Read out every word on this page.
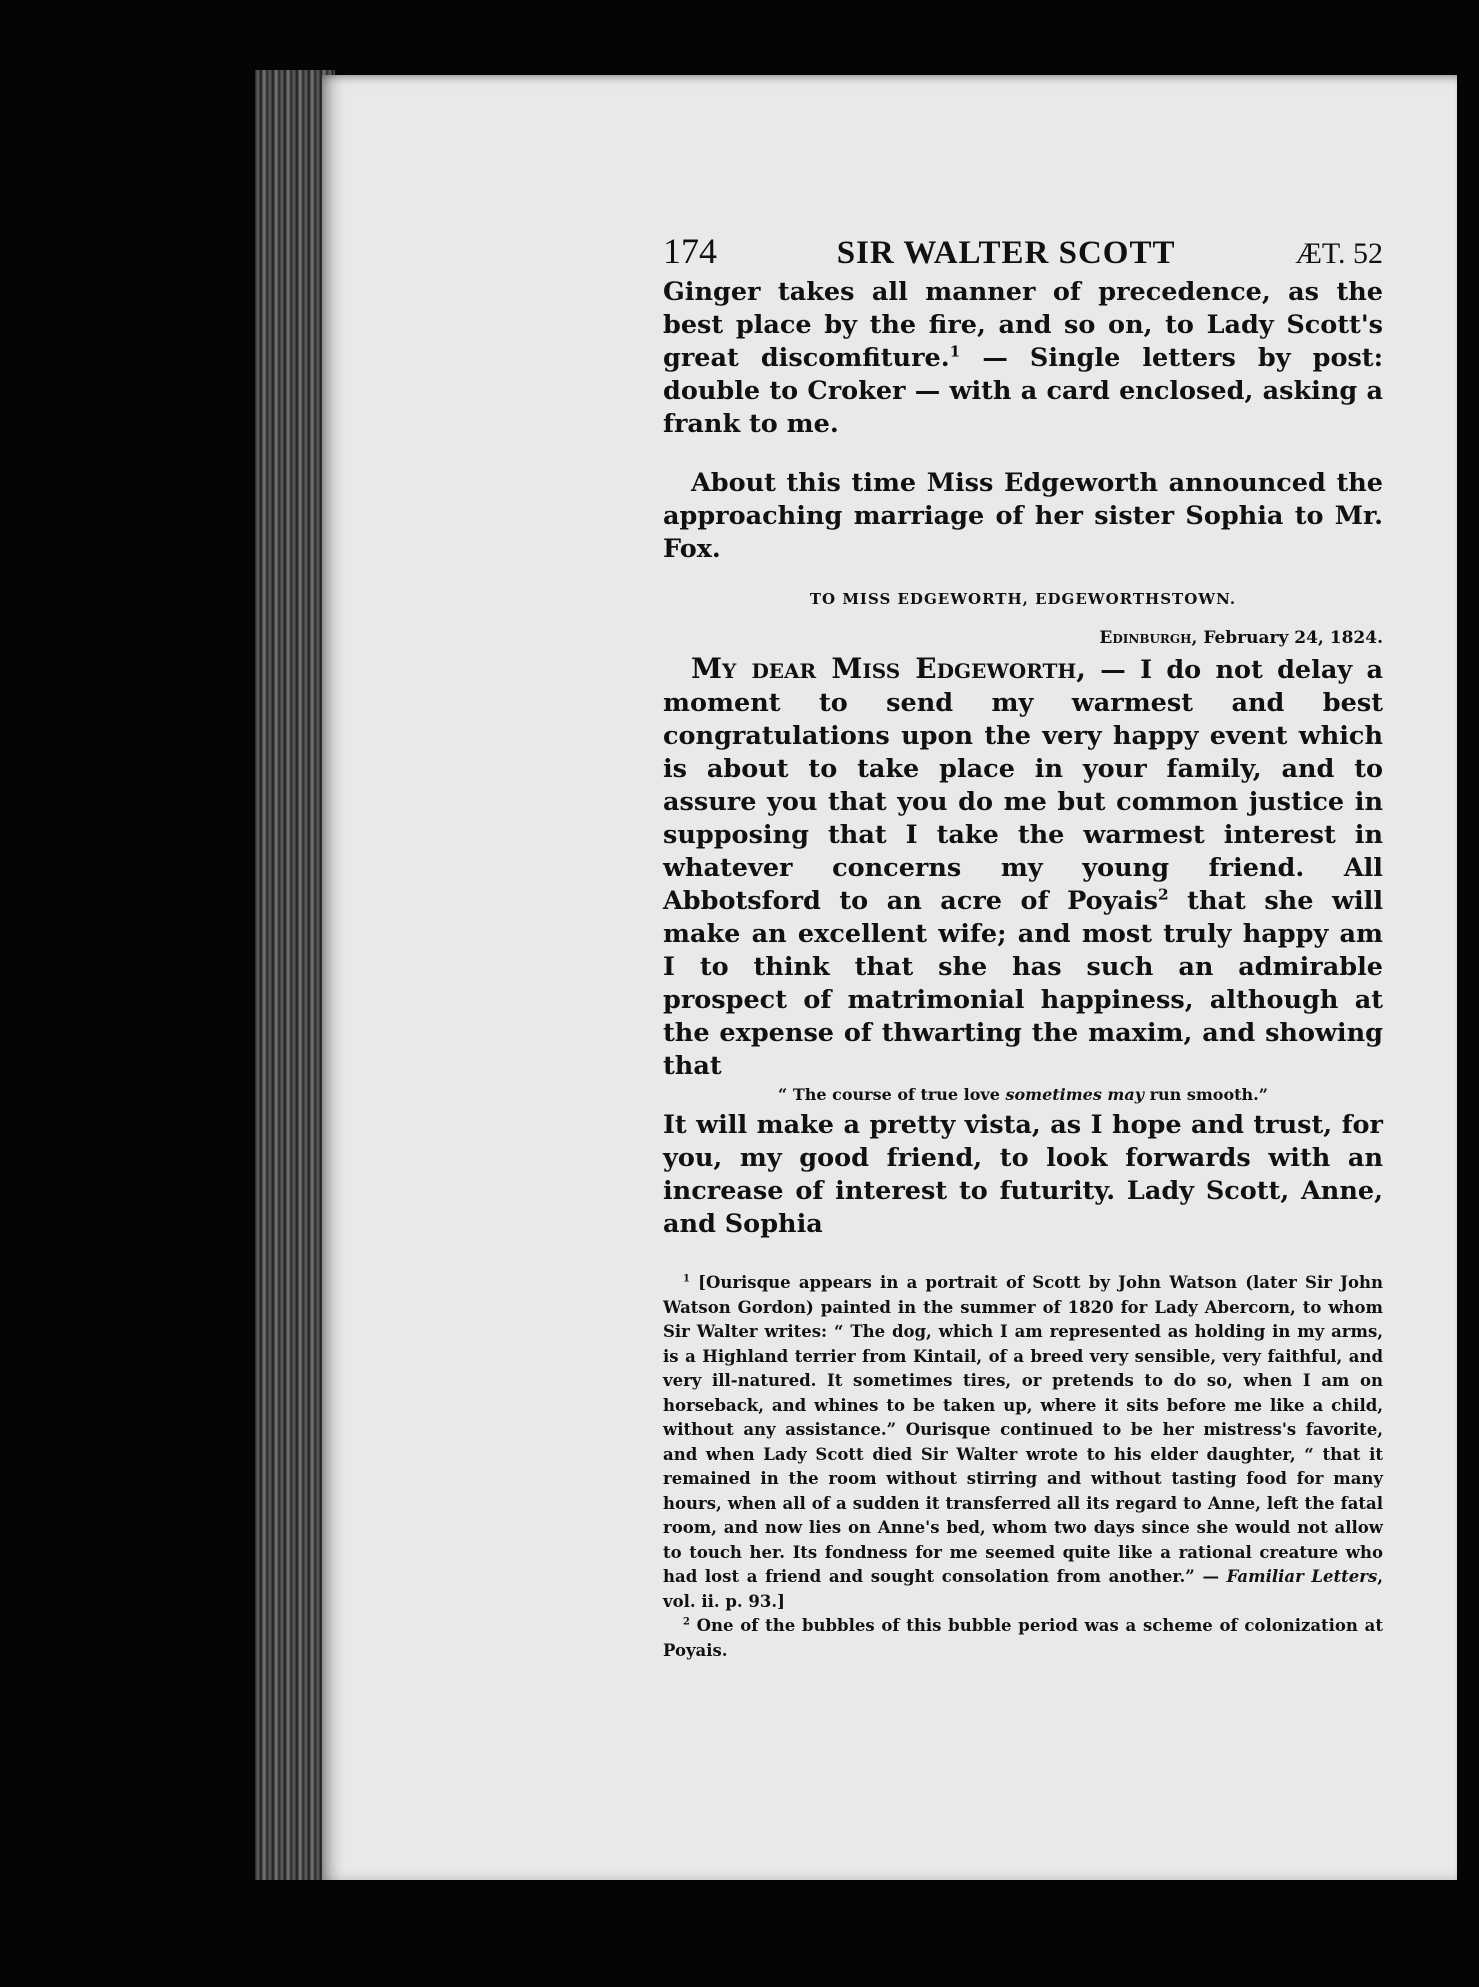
174	SIR WALTER SCOTT	ÆT. 52

Ginger takes all manner of precedence, as the best place by the fire, and so on, to Lady Scott's great discomfiture.$^1$ — Single letters by post: double to Croker — with a card enclosed, asking a frank to me.

About this time Miss Edgeworth announced the approaching marriage of her sister Sophia to Mr. Fox.

TO MISS EDGEWORTH, EDGEWORTHSTOWN.
Edinburgh, February 24, 1824.

My dear Miss Edgeworth, — I do not delay a moment to send my warmest and best congratulations upon the very happy event which is about to take place in your family, and to assure you that you do me but common justice in supposing that I take the warmest interest in whatever concerns my young friend. All Abbotsford to an acre of Poyais$^2$ that she will make an excellent wife; and most truly happy am I to think that she has such an admirable prospect of matrimonial happiness, although at the expense of thwarting the maxim, and showing that

“ The course of true love sometimes may run smooth.”

It will make a pretty vista, as I hope and trust, for you, my good friend, to look forwards with an increase of interest to futurity. Lady Scott, Anne, and Sophia

$^1$ [Ourisque appears in a portrait of Scott by John Watson (later Sir John Watson Gordon) painted in the summer of 1820 for Lady Abercorn, to whom Sir Walter writes: “ The dog, which I am represented as holding in my arms, is a Highland terrier from Kintail, of a breed very sensible, very faithful, and very ill-natured. It sometimes tires, or pretends to do so, when I am on horseback, and whines to be taken up, where it sits before me like a child, without any assistance.” Ourisque continued to be her mistress's favorite, and when Lady Scott died Sir Walter wrote to his elder daughter, “ that it remained in the room without stirring and without tasting food for many hours, when all of a sudden it transferred all its regard to Anne, left the fatal room, and now lies on Anne's bed, whom two days since she would not allow to touch her. Its fondness for me seemed quite like a rational creature who had lost a friend and sought consolation from another.” — Familiar Letters, vol. ii. p. 93.]

$^2$ One of the bubbles of this bubble period was a scheme of colonization at Poyais.
